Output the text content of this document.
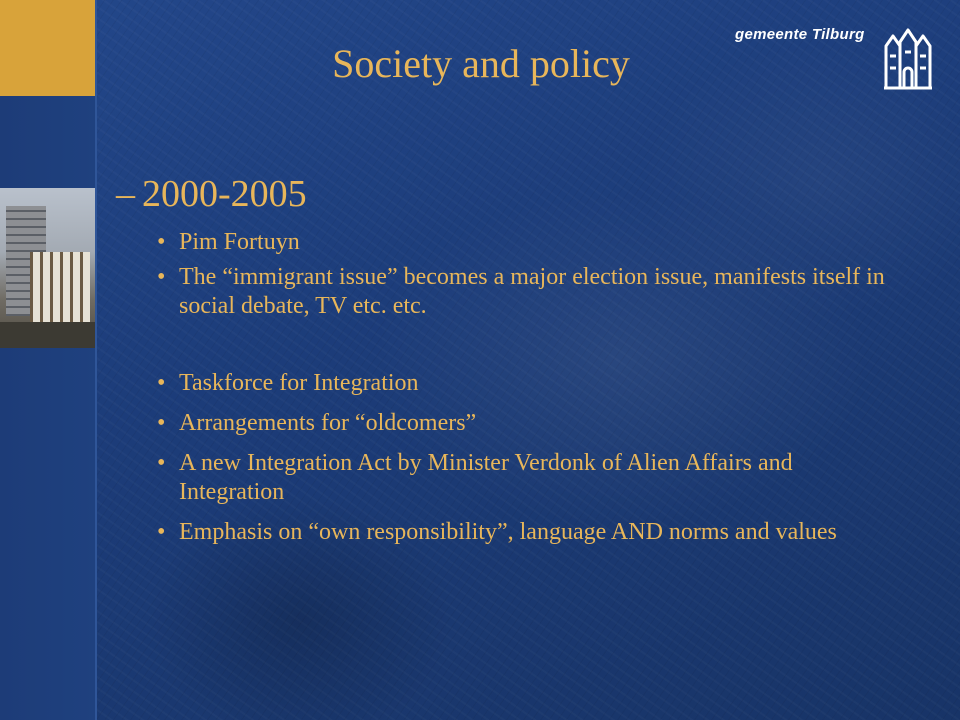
gemeente Tilburg
Society and policy
– 2000-2005
• Pim Fortuyn
• The “immigrant issue” becomes a major election issue, manifests itself in social debate, TV etc. etc.
• Taskforce for Integration
• Arrangements for “oldcomers”
• A new Integration Act by Minister Verdonk of Alien Affairs and Integration
• Emphasis on “own responsibility”, language AND norms and values
